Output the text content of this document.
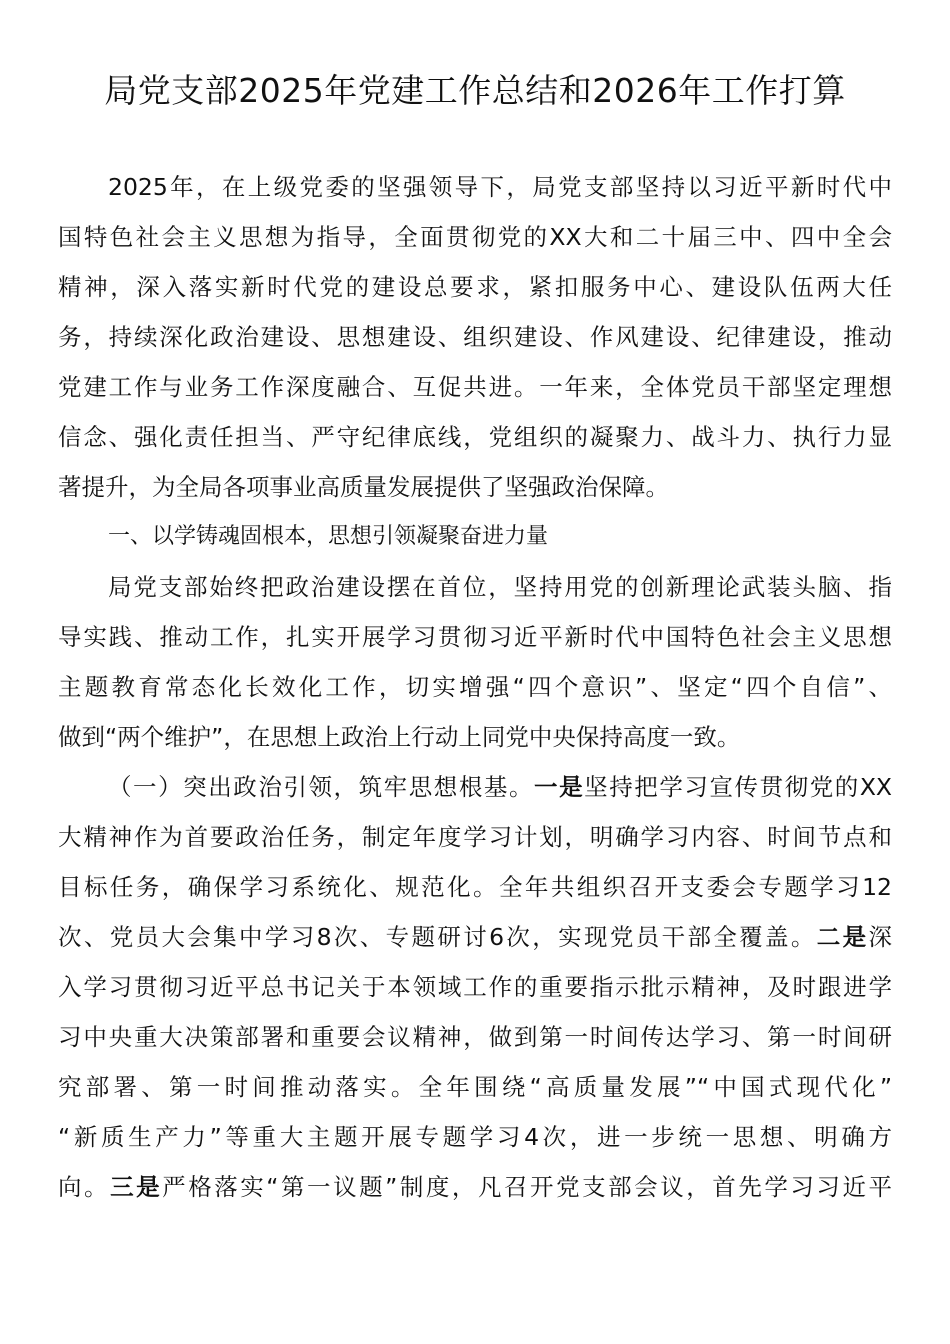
局党支部2025年党建工作总结和2026年工作打算
2025年，在上级党委的坚强领导下，局党支部坚持以习近平新时代中
国特色社会主义思想为指导，全面贯彻党的XX大和二十届三中、四中全会
精神，深入落实新时代党的建设总要求，紧扣服务中心、建设队伍两大任
务，持续深化政治建设、思想建设、组织建设、作风建设、纪律建设，推动
党建工作与业务工作深度融合、互促共进。一年来，全体党员干部坚定理想
信念、强化责任担当、严守纪律底线，党组织的凝聚力、战斗力、执行力显
著提升，为全局各项事业高质量发展提供了坚强政治保障。
一、以学铸魂固根本，思想引领凝聚奋进力量
局党支部始终把政治建设摆在首位，坚持用党的创新理论武装头脑、指
导实践、推动工作，扎实开展学习贯彻习近平新时代中国特色社会主义思想
主题教育常态化长效化工作，切实增强“四个意识”、坚定“四个自信”、
做到“两个维护”，在思想上政治上行动上同党中央保持高度一致。
（一）突出政治引领，筑牢思想根基。一是坚持把学习宣传贯彻党的XX
大精神作为首要政治任务，制定年度学习计划，明确学习内容、时间节点和
目标任务，确保学习系统化、规范化。全年共组织召开支委会专题学习12
次、党员大会集中学习8次、专题研讨6次，实现党员干部全覆盖。二是深
入学习贯彻习近平总书记关于本领域工作的重要指示批示精神，及时跟进学
习中央重大决策部署和重要会议精神，做到第一时间传达学习、第一时间研
究部署、第一时间推动落实。全年围绕“高质量发展”“中国式现代化”
“新质生产力”等重大主题开展专题学习4次，进一步统一思想、明确方
向。三是严格落实“第一议题”制度，凡召开党支部会议，首先学习习近平
